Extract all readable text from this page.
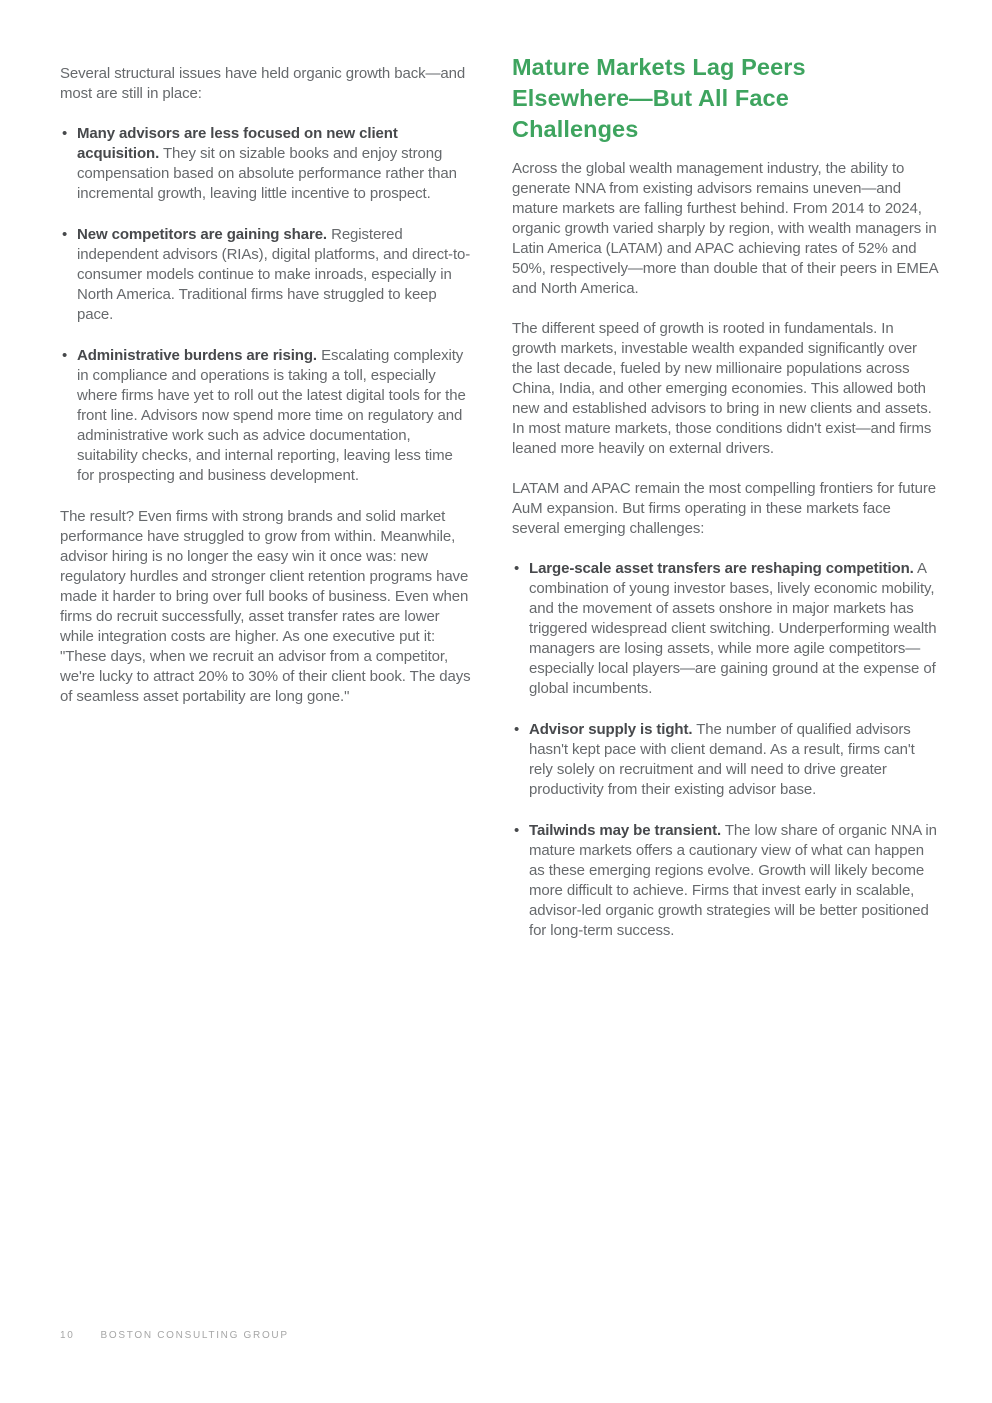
Several structural issues have held organic growth back—and most are still in place:

• Many advisors are less focused on new client acquisition. They sit on sizable books and enjoy strong compensation based on absolute performance rather than incremental growth, leaving little incentive to prospect.
• New competitors are gaining share. Registered independent advisors (RIAs), digital platforms, and direct-to-consumer models continue to make inroads, especially in North America. Traditional firms have struggled to keep pace.
• Administrative burdens are rising. Escalating complexity in compliance and operations is taking a toll, especially where firms have yet to roll out the latest digital tools for the front line. Advisors now spend more time on regulatory and administrative work such as advice documentation, suitability checks, and internal reporting, leaving less time for prospecting and business development.

The result? Even firms with strong brands and solid market performance have struggled to grow from within. Meanwhile, advisor hiring is no longer the easy win it once was: new regulatory hurdles and stronger client retention programs have made it harder to bring over full books of business. Even when firms do recruit successfully, asset transfer rates are lower while integration costs are higher. As one executive put it: "These days, when we recruit an advisor from a competitor, we're lucky to attract 20% to 30% of their client book. The days of seamless asset portability are long gone."

Mature Markets Lag Peers Elsewhere—But All Face Challenges

Across the global wealth management industry, the ability to generate NNA from existing advisors remains uneven—and mature markets are falling furthest behind. From 2014 to 2024, organic growth varied sharply by region, with wealth managers in Latin America (LATAM) and APAC achieving rates of 52% and 50%, respectively—more than double that of their peers in EMEA and North America.

The different speed of growth is rooted in fundamentals. In growth markets, investable wealth expanded significantly over the last decade, fueled by new millionaire populations across China, India, and other emerging economies. This allowed both new and established advisors to bring in new clients and assets. In most mature markets, those conditions didn't exist—and firms leaned more heavily on external drivers.

LATAM and APAC remain the most compelling frontiers for future AuM expansion. But firms operating in these markets face several emerging challenges:

• Large-scale asset transfers are reshaping competition. A combination of young investor bases, lively economic mobility, and the movement of assets onshore in major markets has triggered widespread client switching. Underperforming wealth managers are losing assets, while more agile competitors—especially local players—are gaining ground at the expense of global incumbents.
• Advisor supply is tight. The number of qualified advisors hasn't kept pace with client demand. As a result, firms can't rely solely on recruitment and will need to drive greater productivity from their existing advisor base.
• Tailwinds may be transient. The low share of organic NNA in mature markets offers a cautionary view of what can happen as these emerging regions evolve. Growth will likely become more difficult to achieve. Firms that invest early in scalable, advisor-led organic growth strategies will be better positioned for long-term success.
10	BOSTON CONSULTING GROUP
